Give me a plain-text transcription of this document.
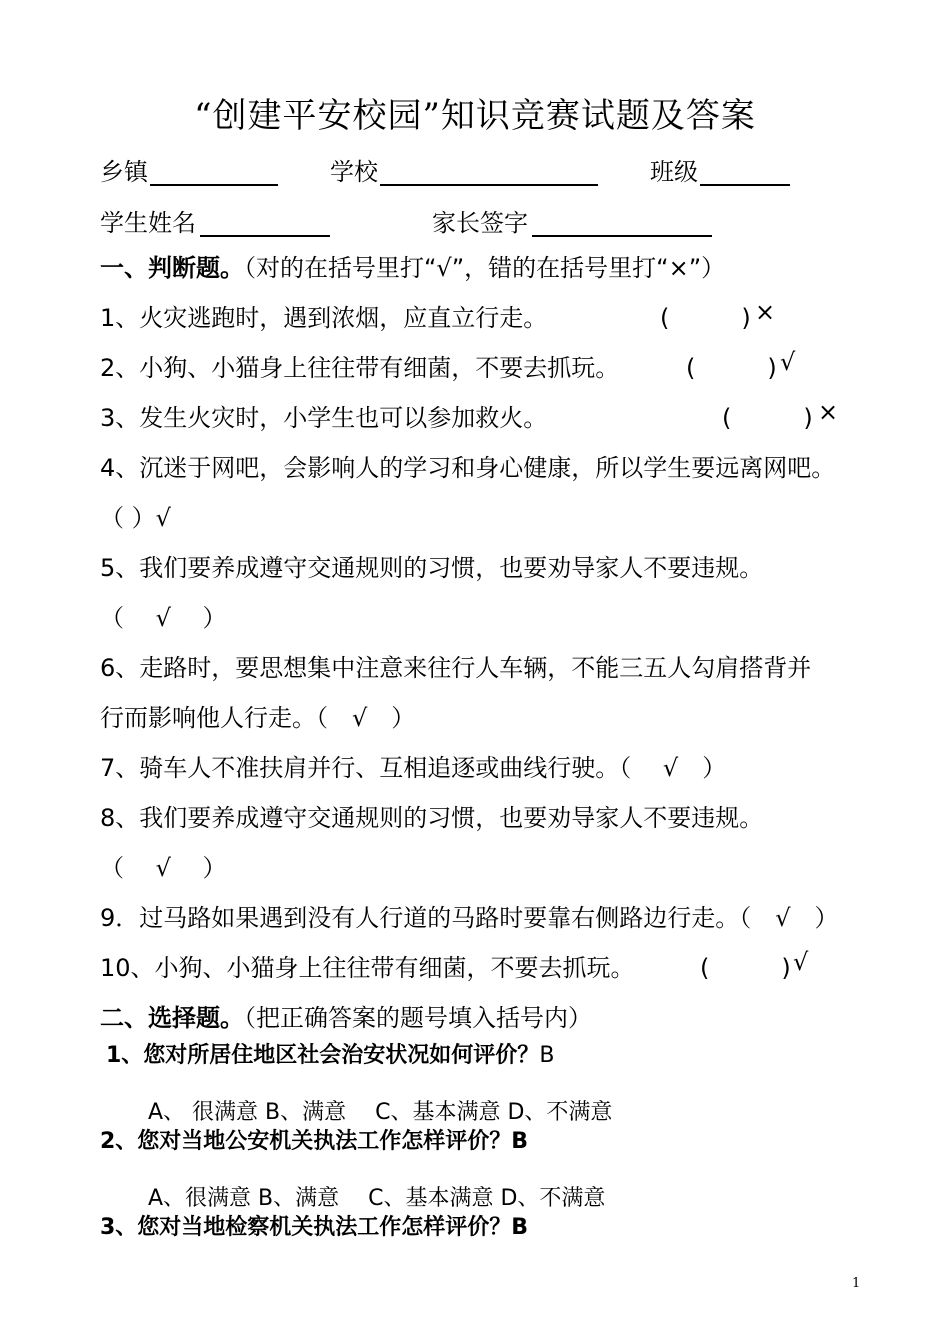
“创建平安校园”知识竞赛试题及答案
乡镇	学校	班级
学生姓名	家长签字
一、判断题。（对的在括号里打“√”，错的在括号里打“×”）
1、火灾逃跑时，遇到浓烟，应直立行走。	(　　　) ×
2、小狗、小猫身上往往带有细菌，不要去抓玩。	(　　　) √
3、发生火灾时，小学生也可以参加救火。	(　　　) ×
4、沉迷于网吧，会影响人的学习和身心健康，所以学生要远离网吧。
（ ）√
5、我们要养成遵守交通规则的习惯，也要劝导家人不要违规。
（　 √　 ）
6、走路时，要思想集中注意来往行人车辆，不能三五人勾肩搭背并
行而影响他人行走。（　√　）
7、骑车人不准扶肩并行、互相追逐或曲线行驶。（　 √　）
8、我们要养成遵守交通规则的习惯，也要劝导家人不要违规。
（　 √　 ）
9．过马路如果遇到没有人行道的马路时要靠右侧路边行走。（　√　）
10、小狗、小猫身上往往带有细菌，不要去抓玩。	(　　　) √
二、选择题。（把正确答案的题号填入括号内）
1、您对所居住地区社会治安状况如何评价？B
A、 很满意 B、满意　 C、基本满意 D、不满意
2、您对当地公安机关执法工作怎样评价？B
A、很满意 B、满意　 C、基本满意 D、不满意
3、您对当地检察机关执法工作怎样评价？B
1
